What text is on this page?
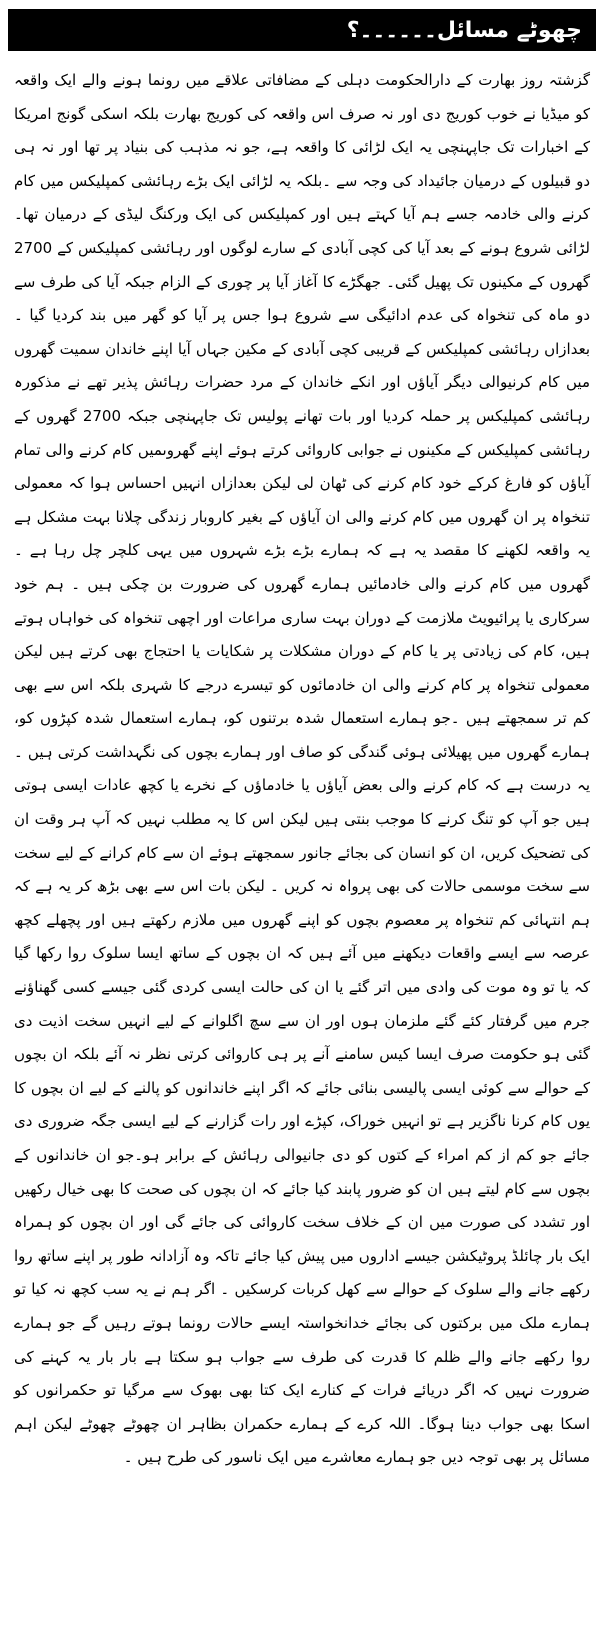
چھوٹے مسائل۔۔۔۔۔۔؟

گزشتہ روز بھارت کے دارالحکومت دہلی کے مضافاتی علاقے میں رونما ہونے والے ایک واقعہ کو میڈیا نے خوب کوریج دی اور نہ صرف اس واقعہ کی کوریج بھارت بلکہ اسکی گونج امریکا کے اخبارات تک جاپہنچی یہ ایک لڑائی کا واقعہ ہے، جو نہ مذہب کی بنیاد پر تھا اور نہ ہی دو قبیلوں کے درمیان جائیداد کی وجہ سے ۔بلکہ یہ لڑائی ایک بڑے رہائشی کمپلیکس میں کام کرنے والی خادمہ جسے ہم آیا کہتے ہیں اور کمپلیکس کی ایک ورکنگ لیڈی کے درمیان تھا۔ لڑائی شروع ہونے کے بعد آیا کی کچی آبادی کے سارے لوگوں اور رہائشی کمپلیکس کے 2700 گھروں کے مکینوں تک پھیل گئی۔ جھگڑے کا آغاز آیا پر چوری کے الزام جبکہ آیا کی طرف سے دو ماہ کی تنخواہ کی عدم ادائیگی سے شروع ہوا جس پر آیا کو گھر میں بند کردیا گیا ۔ بعدازاں رہائشی کمپلیکس کے قریبی کچی آبادی کے مکین جہاں آیا اپنے خاندان سمیت گھروں میں کام کرنیوالی دیگر آیاؤں اور انکے خاندان کے مرد حضرات رہائش پذیر تھے نے مذکورہ رہائشی کمپلیکس پر حملہ کردیا اور بات تھانے پولیس تک جاپہنچی جبکہ 2700 گھروں کے رہائشی کمپلیکس کے مکینوں نے جوابی کاروائی کرتے ہوئے اپنے گھروںمیں کام کرنے والی تمام آیاؤں کو فارغ کرکے خود کام کرنے کی ٹھان لی لیکن بعدازاں انہیں احساس ہوا کہ معمولی تنخواہ پر ان گھروں میں کام کرنے والی ان آیاؤں کے بغیر کاروبار زندگی چلانا بہت مشکل ہے یہ واقعہ لکھنے کا مقصد یہ ہے کہ ہمارے بڑے بڑے شہروں میں یہی کلچر چل رہا ہے ۔ گھروں میں کام کرنے والی خادمائیں ہمارے گھروں کی ضرورت بن چکی ہیں ۔ ہم خود سرکاری یا پرائیویٹ ملازمت کے دوران بہت ساری مراعات اور اچھی تنخواہ کی خواہاں ہوتے ہیں، کام کی زیادتی پر یا کام کے دوران مشکلات پر شکایات یا احتجاج بھی کرتے ہیں لیکن معمولی تنخواہ پر کام کرنے والی ان خادمائوں کو تیسرے درجے کا شہری بلکہ اس سے بھی کم تر سمجھتے ہیں ۔جو ہمارے استعمال شدہ برتنوں کو، ہمارے استعمال شدہ کپڑوں کو، ہمارے گھروں میں پھیلائی ہوئی گندگی کو صاف اور ہمارے بچوں کی نگہداشت کرتی ہیں ۔ یہ درست ہے کہ کام کرنے والی بعض آیاؤں یا خادماؤں کے نخرے یا کچھ عادات ایسی ہوتی ہیں جو آپ کو تنگ کرنے کا موجب بنتی ہیں لیکن اس کا یہ مطلب نہیں کہ آپ ہر وقت ان کی تضحیک کریں، ان کو انسان کی بجائے جانور سمجھتے ہوئے ان سے کام کرانے کے لیے سخت سے سخت موسمی حالات کی بھی پرواہ نہ کریں ۔ لیکن بات اس سے بھی بڑھ کر یہ ہے کہ ہم انتہائی کم تنخواہ پر معصوم بچوں کو اپنے گھروں میں ملازم رکھتے ہیں اور پچھلے کچھ عرصہ سے ایسے واقعات دیکھنے میں آئے ہیں کہ ان بچوں کے ساتھ ایسا سلوک روا رکھا گیا کہ یا تو وہ موت کی وادی میں اتر گئے یا ان کی حالت ایسی کردی گئی جیسے کسی گھناؤنے جرم میں گرفتار کئے گئے ملزمان ہوں اور ان سے سچ اگلوانے کے لیے انہیں سخت اذیت دی گئی ہو حکومت صرف ایسا کیس سامنے آنے پر ہی کاروائی کرتی نظر نہ آئے بلکہ ان بچوں کے حوالے سے کوئی ایسی پالیسی بنائی جائے کہ اگر اپنے خاندانوں کو پالنے کے لیے ان بچوں کا یوں کام کرنا ناگزیر ہے تو انہیں خوراک، کپڑے اور رات گزارنے کے لیے ایسی جگہ ضروری دی جائے جو کم از کم امراء کے کتوں کو دی جانیوالی رہائش کے برابر ہو۔جو ان خاندانوں کے بچوں سے کام لیتے ہیں ان کو ضرور پابند کیا جائے کہ ان بچوں کی صحت کا بھی خیال رکھیں اور تشدد کی صورت میں ان کے خلاف سخت کاروائی کی جائے گی اور ان بچوں کو ہمراہ ایک بار چائلڈ پروٹیکشن جیسے اداروں میں پیش کیا جائے تاکہ وہ آزادانہ طور پر اپنے ساتھ روا رکھے جانے والے سلوک کے حوالے سے کھل کربات کرسکیں ۔ اگر ہم نے یہ سب کچھ نہ کیا تو ہمارے ملک میں برکتوں کی بجائے خدانخواستہ ایسے حالات رونما ہوتے رہیں گے جو ہمارے روا رکھے جانے والے ظلم کا قدرت کی طرف سے جواب ہو سکتا ہے بار بار یہ کہنے کی ضرورت نہیں کہ اگر دریائے فرات کے کنارے ایک کتا بھی بھوک سے مرگیا تو حکمرانوں کو اسکا بھی جواب دینا ہوگا۔ اللہ کرے کے ہمارے حکمران بظاہر ان چھوٹے چھوٹے لیکن اہم مسائل پر بھی توجہ دیں جو ہمارے معاشرے میں ایک ناسور کی طرح ہیں ۔
